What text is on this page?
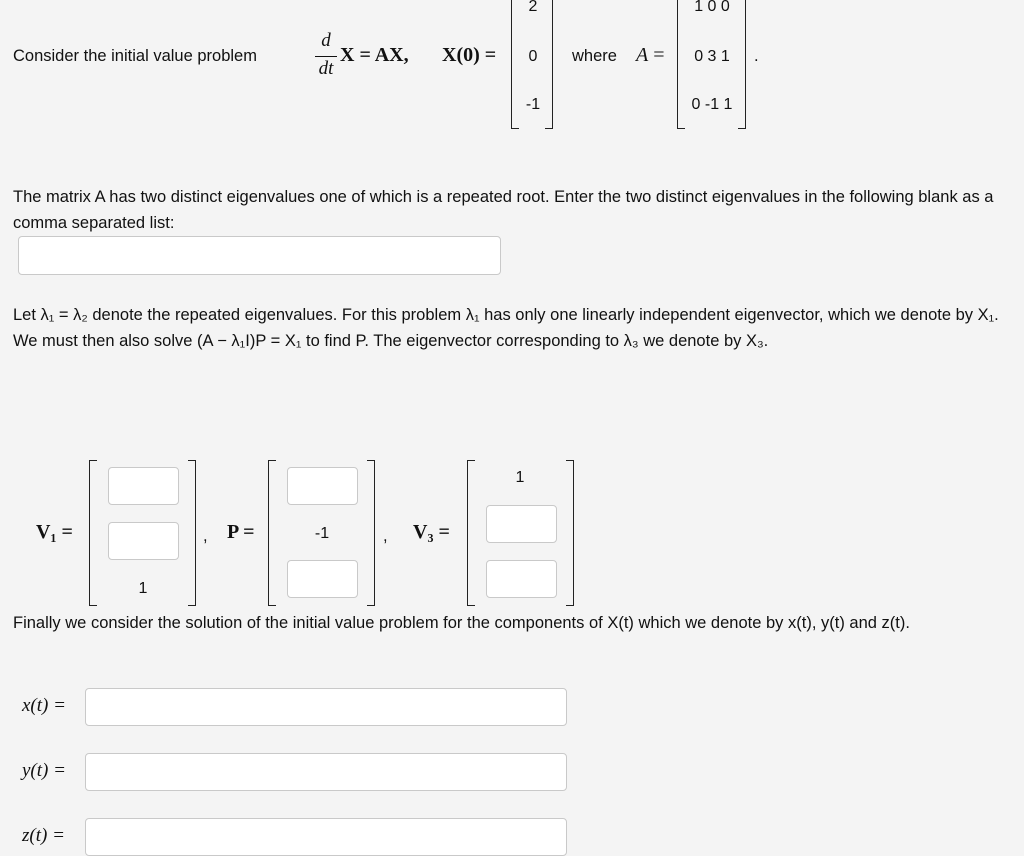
Consider the initial value problem
d
dt
X = AX, X(0) =
2
0
-1
where A =
1 0 0
0 3 1
0 -1 1
.
The matrix A has two distinct eigenvalues one of which is a repeated root. Enter the two distinct eigenvalues in the following blank as a comma separated list:
Let λ₁ = λ₂ denote the repeated eigenvalues. For this problem λ₁ has only one linearly independent eigenvector, which we denote by X₁. We must then also solve (A − λ₁I)P = X₁ to find P. The eigenvector corresponding to λ₃ we denote by X₃.
V₁ =
1
, P =	-1	, V₃ =
1
Finally we consider the solution of the initial value problem for the components of X(t) which we denote by x(t), y(t) and z(t).
x(t) =
y(t) =
z(t) =
